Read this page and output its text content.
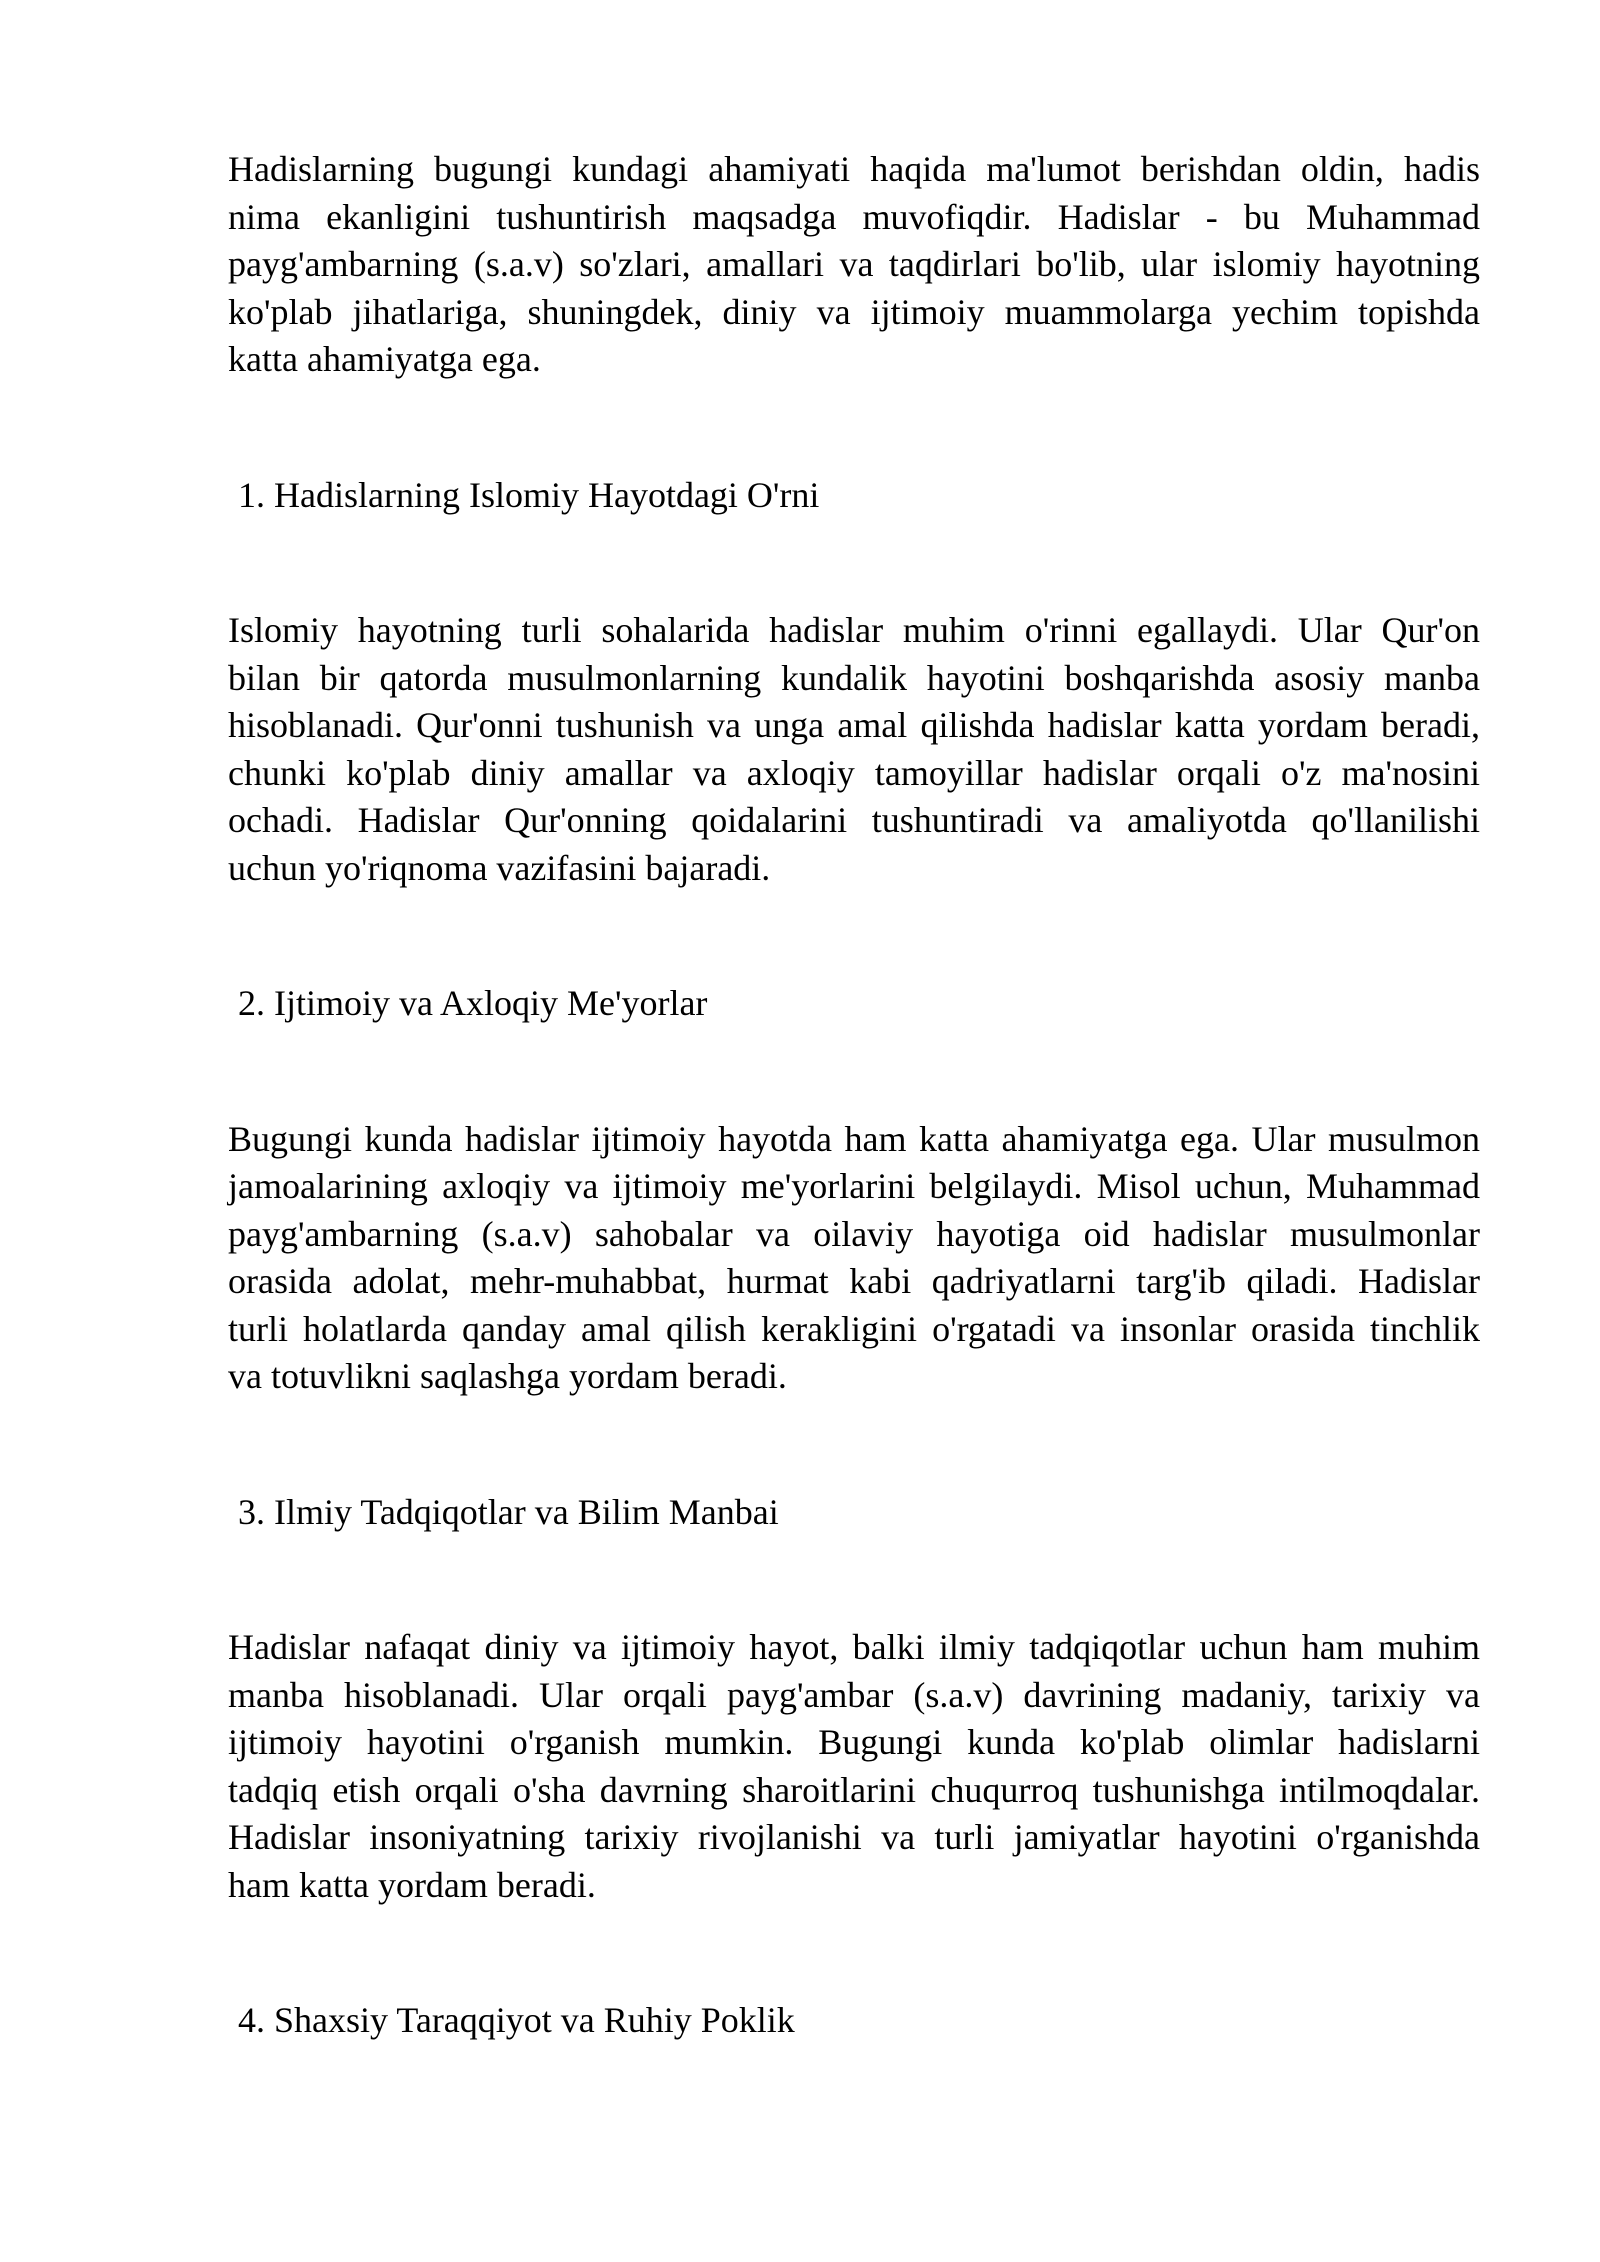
Hadislarning bugungi kundagi ahamiyati haqida ma'lumot berishdan oldin, hadis
nima ekanligini tushuntirish maqsadga muvofiqdir. Hadislar - bu Muhammad
payg'ambarning (s.a.v) so'zlari, amallari va taqdirlari bo'lib, ular islomiy hayotning
ko'plab jihatlariga, shuningdek, diniy va ijtimoiy muammolarga yechim topishda
katta ahamiyatga ega.
1. Hadislarning Islomiy Hayotdagi O'rni
Islomiy hayotning turli sohalarida hadislar muhim o'rinni egallaydi. Ular Qur'on
bilan bir qatorda musulmonlarning kundalik hayotini boshqarishda asosiy manba
hisoblanadi. Qur'onni tushunish va unga amal qilishda hadislar katta yordam beradi,
chunki ko'plab diniy amallar va axloqiy tamoyillar hadislar orqali o'z ma'nosini
ochadi. Hadislar Qur'onning qoidalarini tushuntiradi va amaliyotda qo'llanilishi
uchun yo'riqnoma vazifasini bajaradi.
2. Ijtimoiy va Axloqiy Me'yorlar
Bugungi kunda hadislar ijtimoiy hayotda ham katta ahamiyatga ega. Ular musulmon
jamoalarining axloqiy va ijtimoiy me'yorlarini belgilaydi. Misol uchun, Muhammad
payg'ambarning (s.a.v) sahobalar va oilaviy hayotiga oid hadislar musulmonlar
orasida adolat, mehr-muhabbat, hurmat kabi qadriyatlarni targ'ib qiladi. Hadislar
turli holatlarda qanday amal qilish kerakligini o'rgatadi va insonlar orasida tinchlik
va totuvlikni saqlashga yordam beradi.
3. Ilmiy Tadqiqotlar va Bilim Manbai
Hadislar nafaqat diniy va ijtimoiy hayot, balki ilmiy tadqiqotlar uchun ham muhim
manba hisoblanadi. Ular orqali payg'ambar (s.a.v) davrining madaniy, tarixiy va
ijtimoiy hayotini o'rganish mumkin. Bugungi kunda ko'plab olimlar hadislarni
tadqiq etish orqali o'sha davrning sharoitlarini chuqurroq tushunishga intilmoqdalar.
Hadislar insoniyatning tarixiy rivojlanishi va turli jamiyatlar hayotini o'rganishda
ham katta yordam beradi.
4. Shaxsiy Taraqqiyot va Ruhiy Poklik
